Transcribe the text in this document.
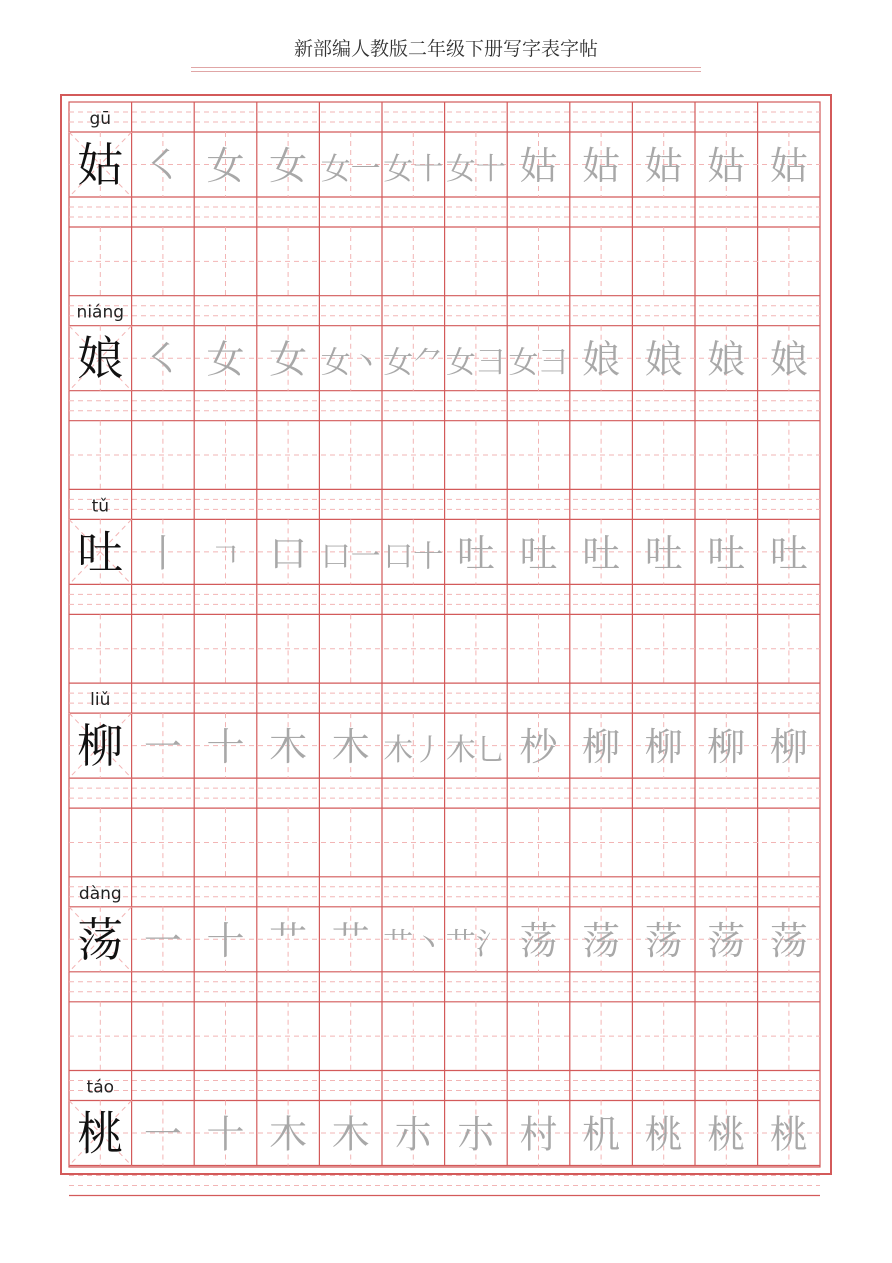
新部编人教版二年级下册写字表字帖
gū
姑 ㇛ 女 女 女一 女十 女十 姑 姑 姑 姑 姑
niáng
娘 ㇛ 女 女 女丶 女⺈ 女⺕ 女⺕ 娘 娘 娘 娘
tǔ
吐 丨 𠃍 口 口一 口十 吐 吐 吐 吐 吐 吐
liǔ
柳 一 十 木 木 木丿 木乚 杪 柳 柳 柳 柳
dàng
荡 一 十 艹 艹 艹丶 艹氵 荡 荡 荡 荡 荡
táo
桃 一 十 木 木 朩 朩 村 机 桃 桃 桃
